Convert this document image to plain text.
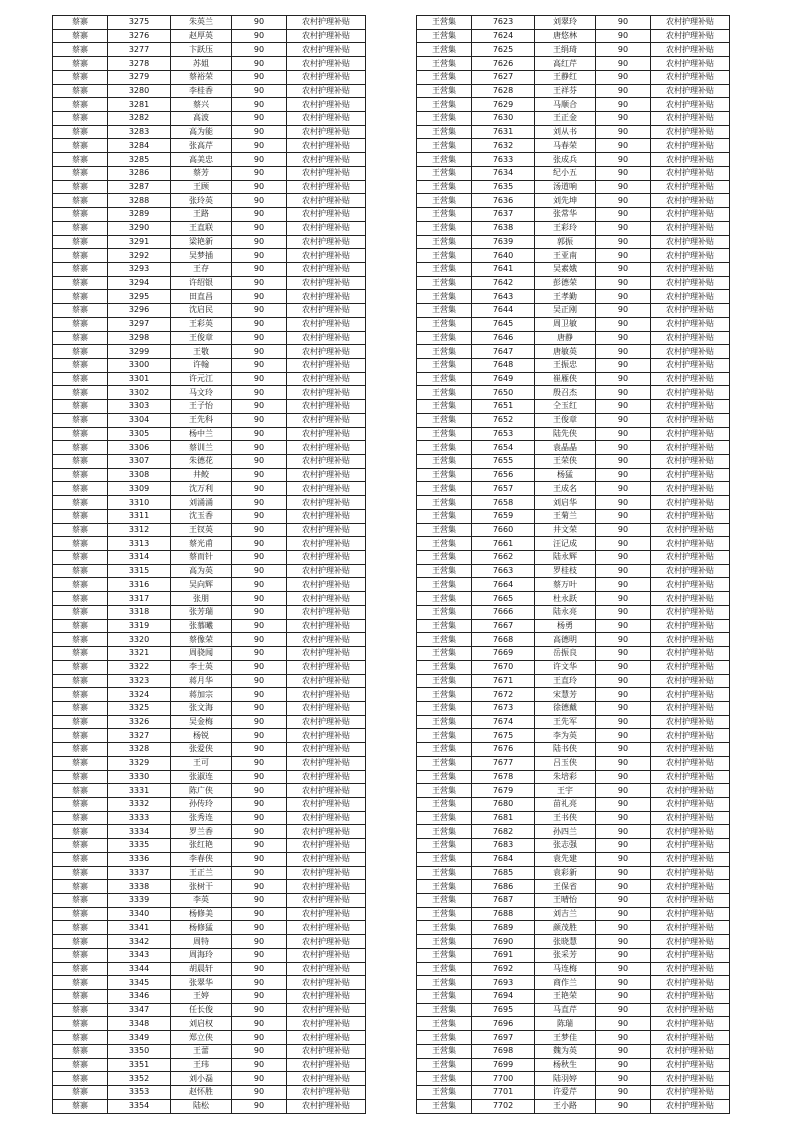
蔡寨	3275	朱英兰	90	农村护理补贴
蔡寨	3276	赵厚英	90	农村护理补贴
蔡寨	3277	卞跃压	90	农村护理补贴
蔡寨	3278	苏姐	90	农村护理补贴
蔡寨	3279	蔡裕荣	90	农村护理补贴
蔡寨	3280	李桂香	90	农村护理补贴
蔡寨	3281	蔡兴	90	农村护理补贴
蔡寨	3282	高波	90	农村护理补贴
蔡寨	3283	高为能	90	农村护理补贴
蔡寨	3284	张高芹	90	农村护理补贴
蔡寨	3285	高美忠	90	农村护理补贴
蔡寨	3286	蔡芳	90	农村护理补贴
蔡寨	3287	王顾	90	农村护理补贴
蔡寨	3288	张玲英	90	农村护理补贴
蔡寨	3289	王路	90	农村护理补贴
蔡寨	3290	王直联	90	农村护理补贴
蔡寨	3291	梁艳新	90	农村护理补贴
蔡寨	3292	吴梦插	90	农村护理补贴
蔡寨	3293	王存	90	农村护理补贴
蔡寨	3294	许绍银	90	农村护理补贴
蔡寨	3295	田直昌	90	农村护理补贴
蔡寨	3296	沈启民	90	农村护理补贴
蔡寨	3297	王彩英	90	农村护理补贴
蔡寨	3298	王俊章	90	农村护理补贴
蔡寨	3299	王敬	90	农村护理补贴
蔡寨	3300	许翰	90	农村护理补贴
蔡寨	3301	许元江	90	农村护理补贴
蔡寨	3302	马文玲	90	农村护理补贴
蔡寨	3303	王子怡	90	农村护理补贴
蔡寨	3304	王先科	90	农村护理补贴
蔡寨	3305	杨中兰	90	农村护理补贴
蔡寨	3306	蔡训兰	90	农村护理补贴
蔡寨	3307	朱德花	90	农村护理补贴
蔡寨	3308	井鲛	90	农村护理补贴
蔡寨	3309	沈万利	90	农村护理补贴
蔡寨	3310	刘涌涌	90	农村护理补贴
蔡寨	3311	沈玉香	90	农村护理补贴
蔡寨	3312	王钗英	90	农村护理补贴
蔡寨	3313	蔡光甫	90	农村护理补贴
蔡寨	3314	蔡而针	90	农村护理补贴
蔡寨	3315	高为英	90	农村护理补贴
蔡寨	3316	吴向辉	90	农村护理补贴
蔡寨	3317	张朋	90	农村护理补贴
蔡寨	3318	张芳瑞	90	农村护理补贴
蔡寨	3319	张慕曦	90	农村护理补贴
蔡寨	3320	蔡像荣	90	农村护理补贴
蔡寨	3321	周骁闻	90	农村护理补贴
蔡寨	3322	李士英	90	农村护理补贴
蔡寨	3323	蒋月华	90	农村护理补贴
蔡寨	3324	蒋加宗	90	农村护理补贴
蔡寨	3325	张文海	90	农村护理补贴
蔡寨	3326	吴金梅	90	农村护理补贴
蔡寨	3327	杨锐	90	农村护理补贴
蔡寨	3328	张爱侠	90	农村护理补贴
蔡寨	3329	王可	90	农村护理补贴
蔡寨	3330	张淑连	90	农村护理补贴
蔡寨	3331	陈广侠	90	农村护理补贴
蔡寨	3332	孙传玲	90	农村护理补贴
蔡寨	3333	张秀连	90	农村护理补贴
蔡寨	3334	罗兰香	90	农村护理补贴
蔡寨	3335	张红艳	90	农村护理补贴
蔡寨	3336	李春侠	90	农村护理补贴
蔡寨	3337	王正兰	90	农村护理补贴
蔡寨	3338	张树干	90	农村护理补贴
蔡寨	3339	李英	90	农村护理补贴
蔡寨	3340	杨修美	90	农村护理补贴
蔡寨	3341	杨修猛	90	农村护理补贴
蔡寨	3342	周特	90	农村护理补贴
蔡寨	3343	周海玲	90	农村护理补贴
蔡寨	3344	胡晨轩	90	农村护理补贴
蔡寨	3345	张翠华	90	农村护理补贴
蔡寨	3346	王婷	90	农村护理补贴
蔡寨	3347	任长俊	90	农村护理补贴
蔡寨	3348	刘启权	90	农村护理补贴
蔡寨	3349	郑立侠	90	农村护理补贴
蔡寨	3350	王蕾	90	农村护理补贴
蔡寨	3351	王玮	90	农村护理补贴
蔡寨	3352	刘小磊	90	农村护理补贴
蔡寨	3353	赵怀胜	90	农村护理补贴
蔡寨	3354	陆松	90	农村护理补贴
王营集	7623	刘翠玲	90	农村护理补贴
王营集	7624	唐悠林	90	农村护理补贴
王营集	7625	王绢琦	90	农村护理补贴
王营集	7626	高红芹	90	农村护理补贴
王营集	7627	王静红	90	农村护理补贴
王营集	7628	王祥芬	90	农村护理补贴
王营集	7629	马顺合	90	农村护理补贴
王营集	7630	王正金	90	农村护理补贴
王营集	7631	刘从书	90	农村护理补贴
王营集	7632	马春荣	90	农村护理补贴
王营集	7633	张成兵	90	农村护理补贴
王营集	7634	纪小五	90	农村护理补贴
王营集	7635	汤道响	90	农村护理补贴
王营集	7636	刘先坤	90	农村护理补贴
王营集	7637	张常华	90	农村护理补贴
王营集	7638	王彩玲	90	农村护理补贴
王营集	7639	郭振	90	农村护理补贴
王营集	7640	王亚南	90	农村护理补贴
王营集	7641	吴素娥	90	农村护理补贴
王营集	7642	彭德荣	90	农村护理补贴
王营集	7643	王孝勤	90	农村护理补贴
王营集	7644	吴正刚	90	农村护理补贴
王营集	7645	周卫敏	90	农村护理补贴
王营集	7646	唐静	90	农村护理补贴
王营集	7647	唐敏英	90	农村护理补贴
王营集	7648	王振忠	90	农村护理补贴
王营集	7649	崔雁侠	90	农村护理补贴
王营集	7650	殷召杰	90	农村护理补贴
王营集	7651	仝玉红	90	农村护理补贴
王营集	7652	王俊章	90	农村护理补贴
王营集	7653	陆先侠	90	农村护理补贴
王营集	7654	袁晶晶	90	农村护理补贴
王营集	7655	王荣侠	90	农村护理补贴
王营集	7656	杨猛	90	农村护理补贴
王营集	7657	王成名	90	农村护理补贴
王营集	7658	刘启华	90	农村护理补贴
王营集	7659	王菊兰	90	农村护理补贴
王营集	7660	井文荣	90	农村护理补贴
王营集	7661	汪记成	90	农村护理补贴
王营集	7662	陆永辉	90	农村护理补贴
王营集	7663	罗桂枝	90	农村护理补贴
王营集	7664	蔡万叶	90	农村护理补贴
王营集	7665	杜永跃	90	农村护理补贴
王营集	7666	陆永亮	90	农村护理补贴
王营集	7667	杨勇	90	农村护理补贴
王营集	7668	高德明	90	农村护理补贴
王营集	7669	岳振良	90	农村护理补贴
王营集	7670	许文华	90	农村护理补贴
王营集	7671	王直玲	90	农村护理补贴
王营集	7672	宋慧芳	90	农村护理补贴
王营集	7673	徐德戴	90	农村护理补贴
王营集	7674	王先军	90	农村护理补贴
王营集	7675	李为英	90	农村护理补贴
王营集	7676	陆书侠	90	农村护理补贴
王营集	7677	吕玉侠	90	农村护理补贴
王营集	7678	朱培彩	90	农村护理补贴
王营集	7679	王宇	90	农村护理补贴
王营集	7680	苗礼亮	90	农村护理补贴
王营集	7681	王书侠	90	农村护理补贴
王营集	7682	孙四兰	90	农村护理补贴
王营集	7683	张志强	90	农村护理补贴
王营集	7684	袁先建	90	农村护理补贴
王营集	7685	袁彩新	90	农村护理补贴
王营集	7686	王保省	90	农村护理补贴
王营集	7687	王晴怡	90	农村护理补贴
王营集	7688	刘吉兰	90	农村护理补贴
王营集	7689	颜茂胜	90	农村护理补贴
王营集	7690	张晓慧	90	农村护理补贴
王营集	7691	张采芳	90	农村护理补贴
王营集	7692	马连梅	90	农村护理补贴
王营集	7693	商作兰	90	农村护理补贴
王营集	7694	王艳荣	90	农村护理补贴
王营集	7695	马直芹	90	农村护理补贴
王营集	7696	陈瑞	90	农村护理补贴
王营集	7697	王梦佳	90	农村护理补贴
王营集	7698	魏为英	90	农村护理补贴
王营集	7699	杨秋生	90	农村护理补贴
王营集	7700	陆羽婷	90	农村护理补贴
王营集	7701	许爱芹	90	农村护理补贴
王营集	7702	王小路	90	农村护理补贴
